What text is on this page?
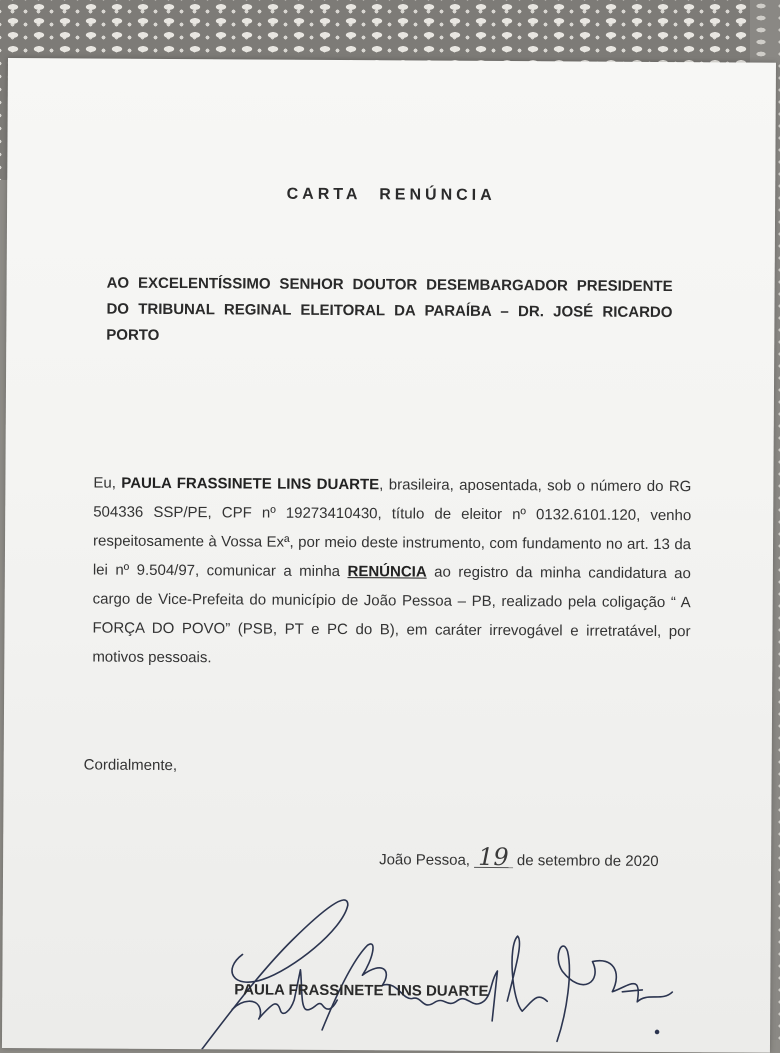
CARTA RENÚNCIA
AO EXCELENTÍSSIMO SENHOR DOUTOR DESEMBARGADOR PRESIDENTE DO TRIBUNAL REGINAL ELEITORAL DA PARAÍBA – DR. JOSÉ RICARDO PORTO
Eu, PAULA FRASSINETE LINS DUARTE, brasileira, aposentada, sob o número do RG 504336 SSP/PE, CPF nº 19273410430, título de eleitor nº 0132.6101.120, venho respeitosamente à Vossa Exª, por meio deste instrumento, com fundamento no art. 13 da lei nº 9.504/97, comunicar a minha RENÚNCIA ao registro da minha candidatura ao cargo de Vice-Prefeita do município de João Pessoa – PB, realizado pela coligação “ A FORÇA DO POVO” (PSB, PT e PC do B), em caráter irrevogável e irretratável, por motivos pessoais.
Cordialmente,
João Pessoa, 19 de setembro de 2020
PAULA FRASSINETE LINS DUARTE
